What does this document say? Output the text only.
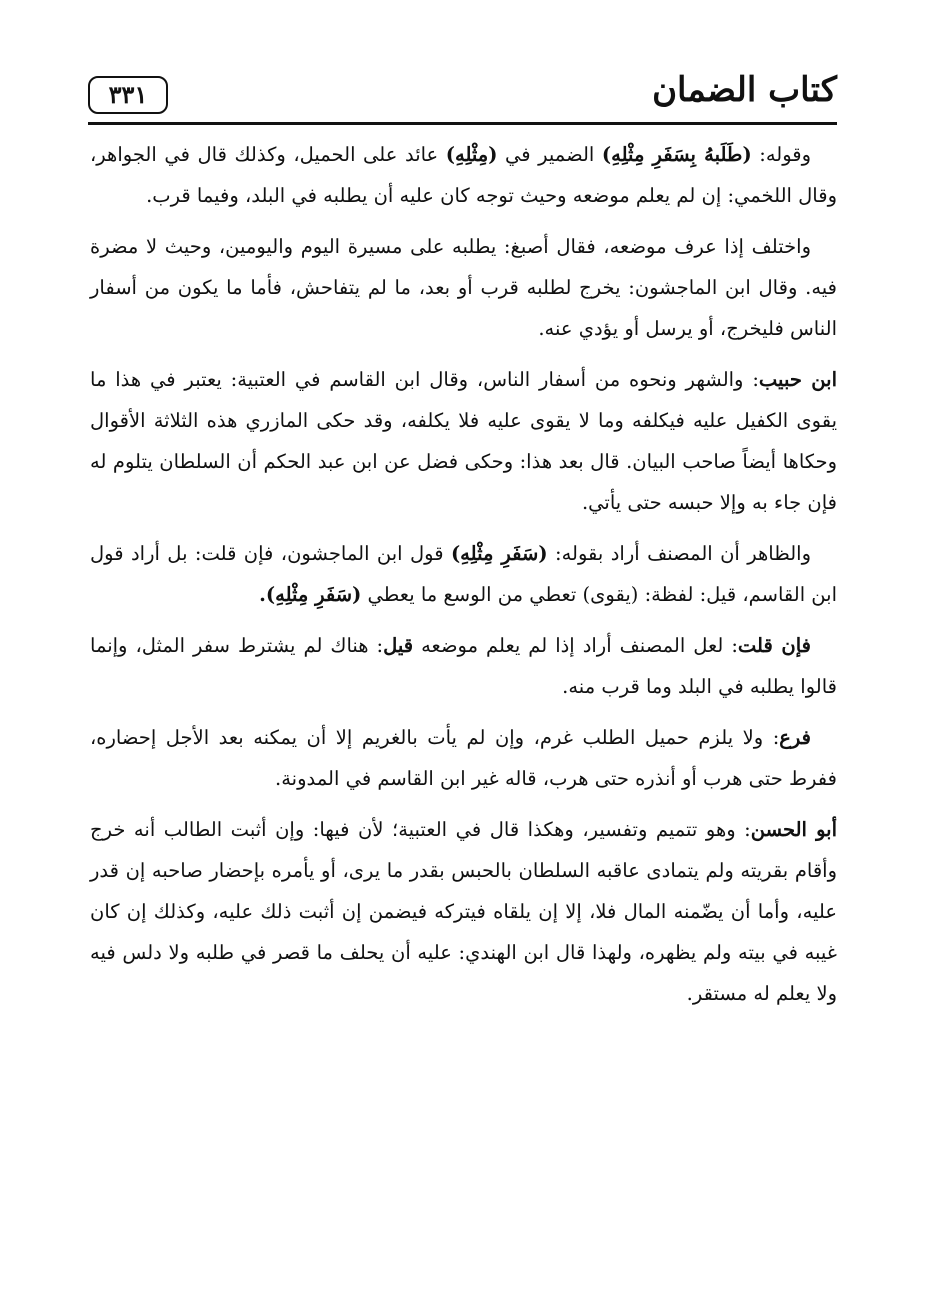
كتاب الضمان
٣٣١

وقوله: (طَلَبهُ بِسَفَرِ مِثْلِهِ) الضمير في (مِثْلِهِ) عائد على الحميل، وكذلك قال في الجواهر، وقال اللخمي: إن لم يعلم موضعه وحيث توجه كان عليه أن يطلبه في البلد، وفيما قرب.

واختلف إذا عرف موضعه، فقال أصبغ: يطلبه على مسيرة اليوم واليومين، وحيث لا مضرة فيه. وقال ابن الماجشون: يخرج لطلبه قرب أو بعد، ما لم يتفاحش، فأما ما يكون من أسفار الناس فليخرج، أو يرسل أو يؤدي عنه.

ابن حبيب: والشهر ونحوه من أسفار الناس، وقال ابن القاسم في العتبية: يعتبر في هذا ما يقوى الكفيل عليه فيكلفه وما لا يقوى عليه فلا يكلفه، وقد حكى المازري هذه الثلاثة الأقوال وحكاها أيضاً صاحب البيان. قال بعد هذا: وحكى فضل عن ابن عبد الحكم أن السلطان يتلوم له فإن جاء به وإلا حبسه حتى يأتي.

والظاهر أن المصنف أراد بقوله: (سَفَرِ مِثْلِهِ) قول ابن الماجشون، فإن قلت: بل أراد قول ابن القاسم، قيل: لفظة: (يقوى) تعطي من الوسع ما يعطي (سَفَرِ مِثْلِهِ).

فإن قلت: لعل المصنف أراد إذا لم يعلم موضعه قيل: هناك لم يشترط سفر المثل، وإنما قالوا يطلبه في البلد وما قرب منه.

فرع: ولا يلزم حميل الطلب غرم، وإن لم يأت بالغريم إلا أن يمكنه بعد الأجل إحضاره، ففرط حتى هرب أو أنذره حتى هرب، قاله غير ابن القاسم في المدونة.

أبو الحسن: وهو تتميم وتفسير، وهكذا قال في العتبية؛ لأن فيها: وإن أثبت الطالب أنه خرج وأقام بقريته ولم يتمادى عاقبه السلطان بالحبس بقدر ما يرى، أو يأمره بإحضار صاحبه إن قدر عليه، وأما أن يضّمنه المال فلا، إلا إن يلقاه فيتركه فيضمن إن أثبت ذلك عليه، وكذلك إن كان غيبه في بيته ولم يظهره، ولهذا قال ابن الهندي: عليه أن يحلف ما قصر في طلبه ولا دلس فيه ولا يعلم له مستقر.
